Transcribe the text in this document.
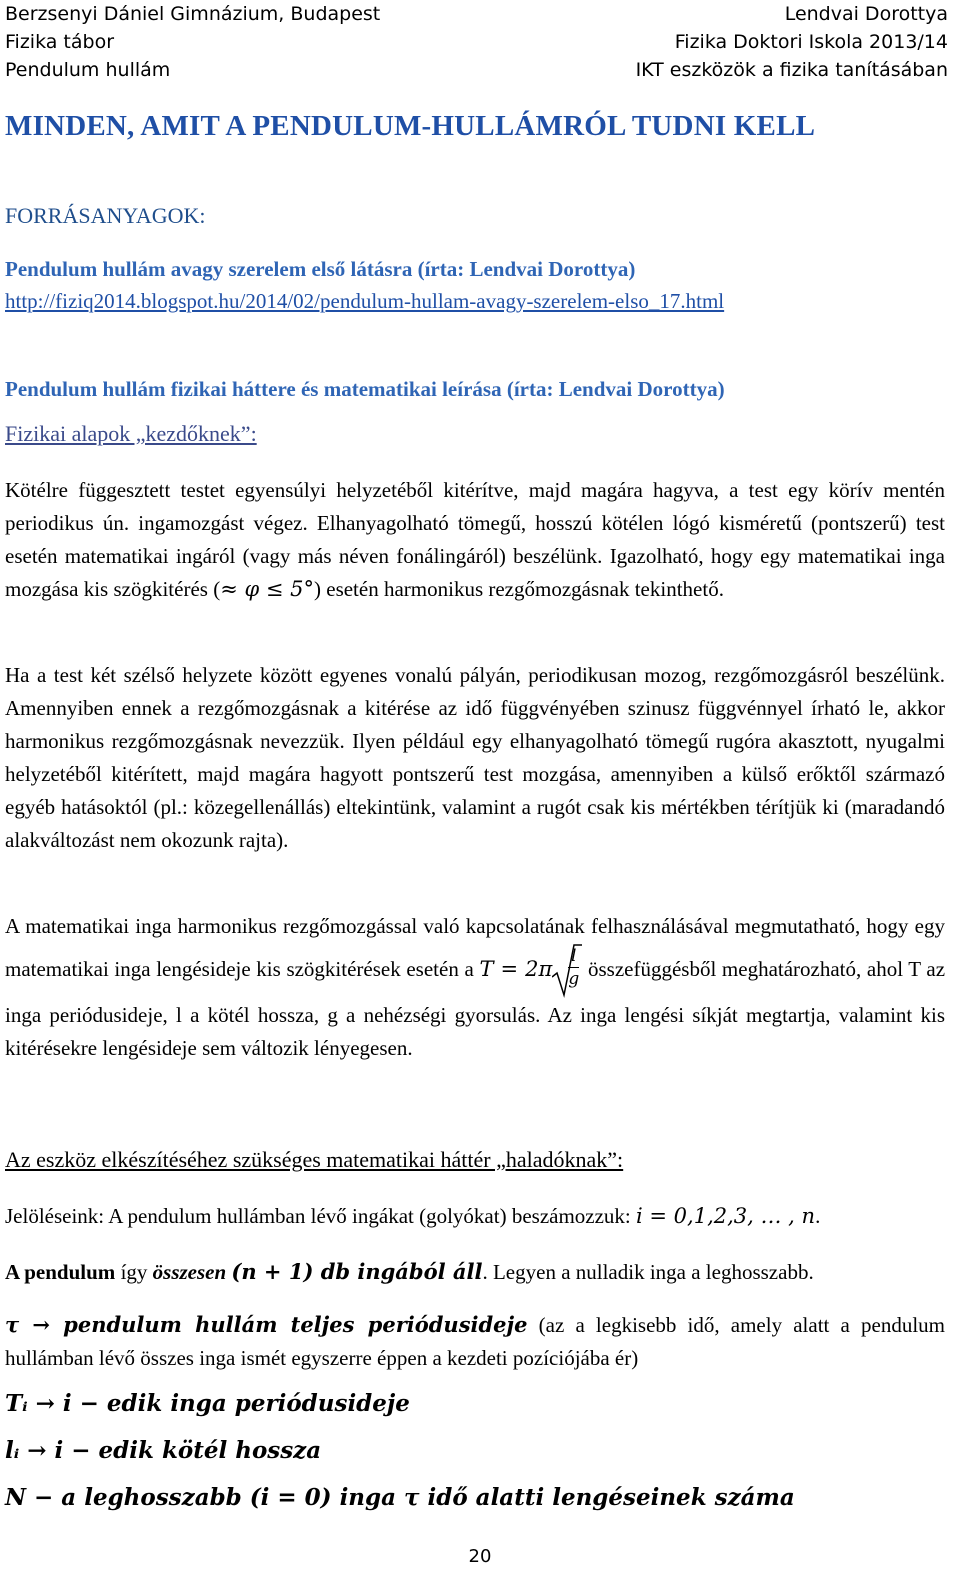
Berzsenyi Dániel Gimnázium, Budapest
Fizika tábor
Pendulum hullám
Lendvai Dorottya
Fizika Doktori Iskola 2013/14
IKT eszközök a fizika tanításában
MINDEN, AMIT A PENDULUM-HULLÁMRÓL TUDNI KELL
FORRÁSANYAGOK:
Pendulum hullám avagy szerelem első látásra (írta: Lendvai Dorottya)
http://fiziq2014.blogspot.hu/2014/02/pendulum-hullam-avagy-szerelem-elso_17.html
Pendulum hullám fizikai háttere és matematikai leírása (írta: Lendvai Dorottya)
Fizikai alapok „kezdőknek”:
Kötélre függesztett testet egyensúlyi helyzetéből kitérítve, majd magára hagyva, a test egy körív mentén periodikus ún. ingamozgást végez. Elhanyagolható tömegű, hosszú kötélen lógó kisméretű (pontszerű) test esetén matematikai ingáról (vagy más néven fonálingáról) beszélünk. Igazolható, hogy egy matematikai inga mozgása kis szögkitérés (≈ φ ≤ 5°) esetén harmonikus rezgőmozgásnak tekinthető.
Ha a test két szélső helyzete között egyenes vonalú pályán, periodikusan mozog, rezgőmozgásról beszélünk. Amennyiben ennek a rezgőmozgásnak a kitérése az idő függvényében szinusz függvénnyel írható le, akkor harmonikus rezgőmozgásnak nevezzük. Ilyen például egy elhanyagolható tömegű rugóra akasztott, nyugalmi helyzetéből kitérített, majd magára hagyott pontszerű test mozgása, amennyiben a külső erőktől származó egyéb hatásoktól (pl.: közegellenállás) eltekintünk, valamint a rugót csak kis mértékben térítjük ki (maradandó alakváltozást nem okozunk rajta).
A matematikai inga harmonikus rezgőmozgással való kapcsolatának felhasználásával megmutatható, hogy egy matematikai inga lengésideje kis szögkitérések esetén a $T = 2\pi \frac{l}{g}$ összefüggésből meghatározható, ahol T az inga periódusideje, l a kötél hossza, g a nehézségi gyorsulás. Az inga lengési síkját megtartja, valamint kis kitérésekre lengésideje sem változik lényegesen.
Az eszköz elkészítéséhez szükséges matematikai háttér „haladóknak”:
Jelöléseink: A pendulum hullámban lévő ingákat (golyókat) beszámozzuk: i = 0,1,2,3, … , n.
A pendulum így összesen (n + 1) db ingából áll. Legyen a nulladik inga a leghosszabb.
τ → pendulum hullám teljes periódusideje (az a legkisebb idő, amely alatt a pendulum hullámban lévő összes inga ismét egyszerre éppen a kezdeti pozíciójába ér)
Tᵢ → i − edik inga periódusideje
lᵢ → i − edik kötél hossza
N − a leghosszabb (i = 0) inga τ idő alatti lengéseinek száma
20
